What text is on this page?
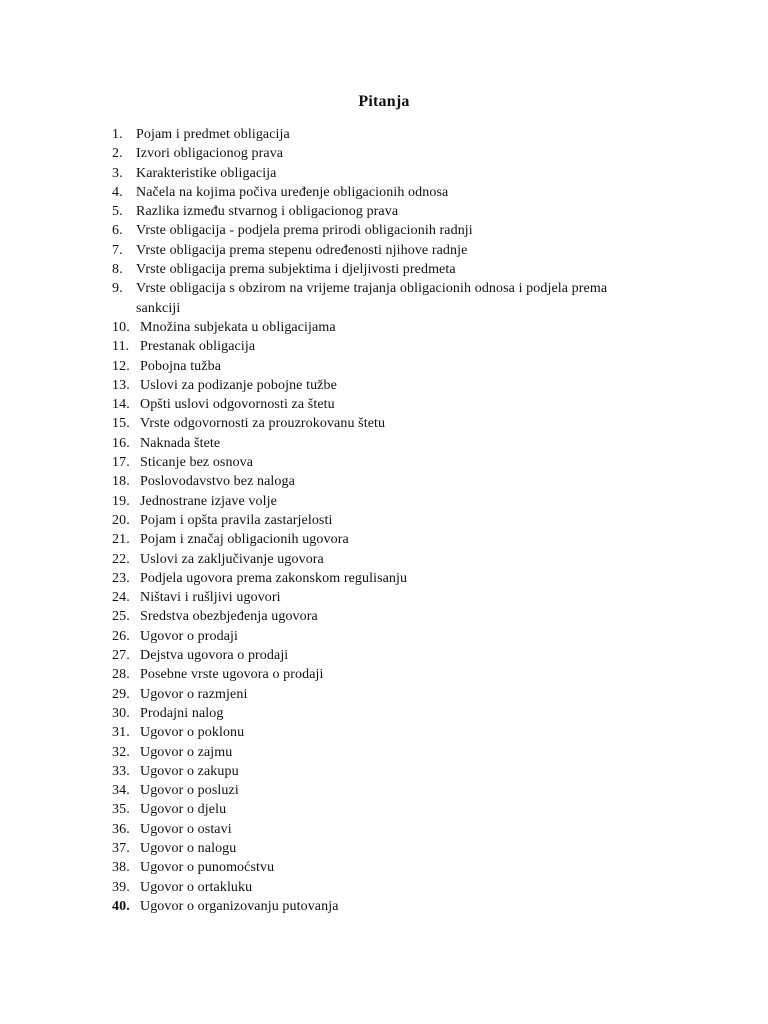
Pitanja
1. Pojam i predmet obligacija
2. Izvori obligacionog prava
3. Karakteristike obligacija
4. Načela na kojima počiva uređenje obligacionih odnosa
5. Razlika između stvarnog i obligacionog prava
6. Vrste obligacija - podjela prema prirodi obligacionih radnji
7. Vrste obligacija prema stepenu određenosti njihove radnje
8. Vrste obligacija prema subjektima i djeljivosti predmeta
9. Vrste obligacija s obzirom na vrijeme trajanja obligacionih odnosa i podjela prema
sankciji
10. Množina subjekata u obligacijama
11. Prestanak obligacija
12. Pobojna tužba
13. Uslovi za podizanje pobojne tužbe
14. Opšti uslovi odgovornosti za štetu
15. Vrste odgovornosti za prouzrokovanu štetu
16. Naknada štete
17. Sticanje bez osnova
18. Poslovodavstvo bez naloga
19. Jednostrane izjave volje
20. Pojam i opšta pravila zastarjelosti
21. Pojam i značaj obligacionih ugovora
22. Uslovi za zaključivanje ugovora
23. Podjela ugovora prema zakonskom regulisanju
24. Ništavi i rušljivi ugovori
25. Sredstva obezbjeđenja ugovora
26. Ugovor o prodaji
27. Dejstva ugovora o prodaji
28. Posebne vrste ugovora o prodaji
29. Ugovor o razmjeni
30. Prodajni nalog
31. Ugovor o poklonu
32. Ugovor o zajmu
33. Ugovor o zakupu
34. Ugovor o posluzi
35. Ugovor o djelu
36. Ugovor o ostavi
37. Ugovor o nalogu
38. Ugovor o punomoćstvu
39. Ugovor o ortakluku
40. Ugovor o organizovanju putovanja
